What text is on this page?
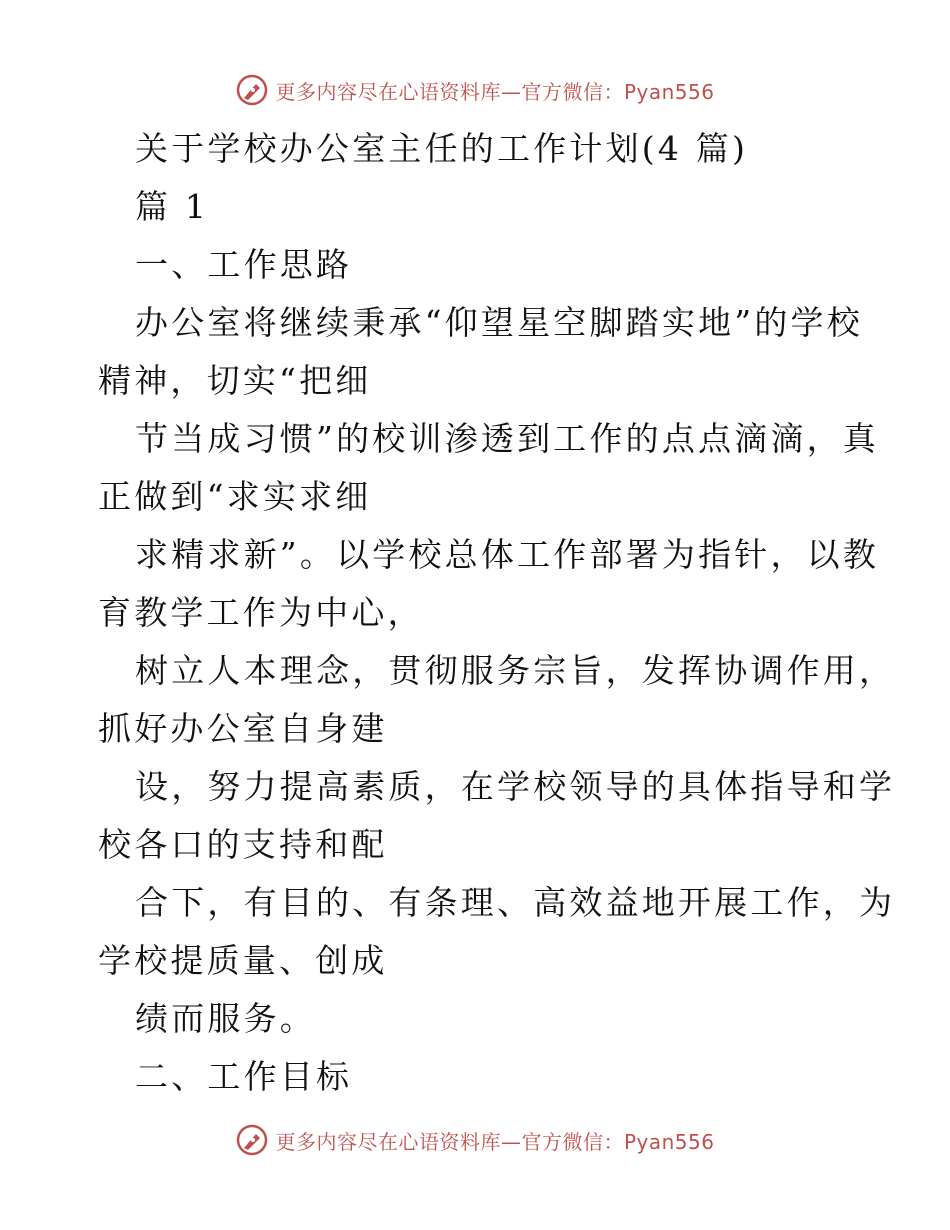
更多内容尽在心语资料库—官方微信：Pyan556

关于学校办公室主任的工作计划(4 篇)

篇 1

一、工作思路

办公室将继续秉承“仰望星空脚踏实地”的学校

精神，切实“把细

节当成习惯”的校训渗透到工作的点点滴滴，真

正做到“求实求细

求精求新”。以学校总体工作部署为指针，以教

育教学工作为中心，

树立人本理念，贯彻服务宗旨，发挥协调作用，

抓好办公室自身建

设，努力提高素质，在学校领导的具体指导和学

校各口的支持和配

合下，有目的、有条理、高效益地开展工作，为

学校提质量、创成

绩而服务。

二、工作目标

更多内容尽在心语资料库—官方微信：Pyan556
